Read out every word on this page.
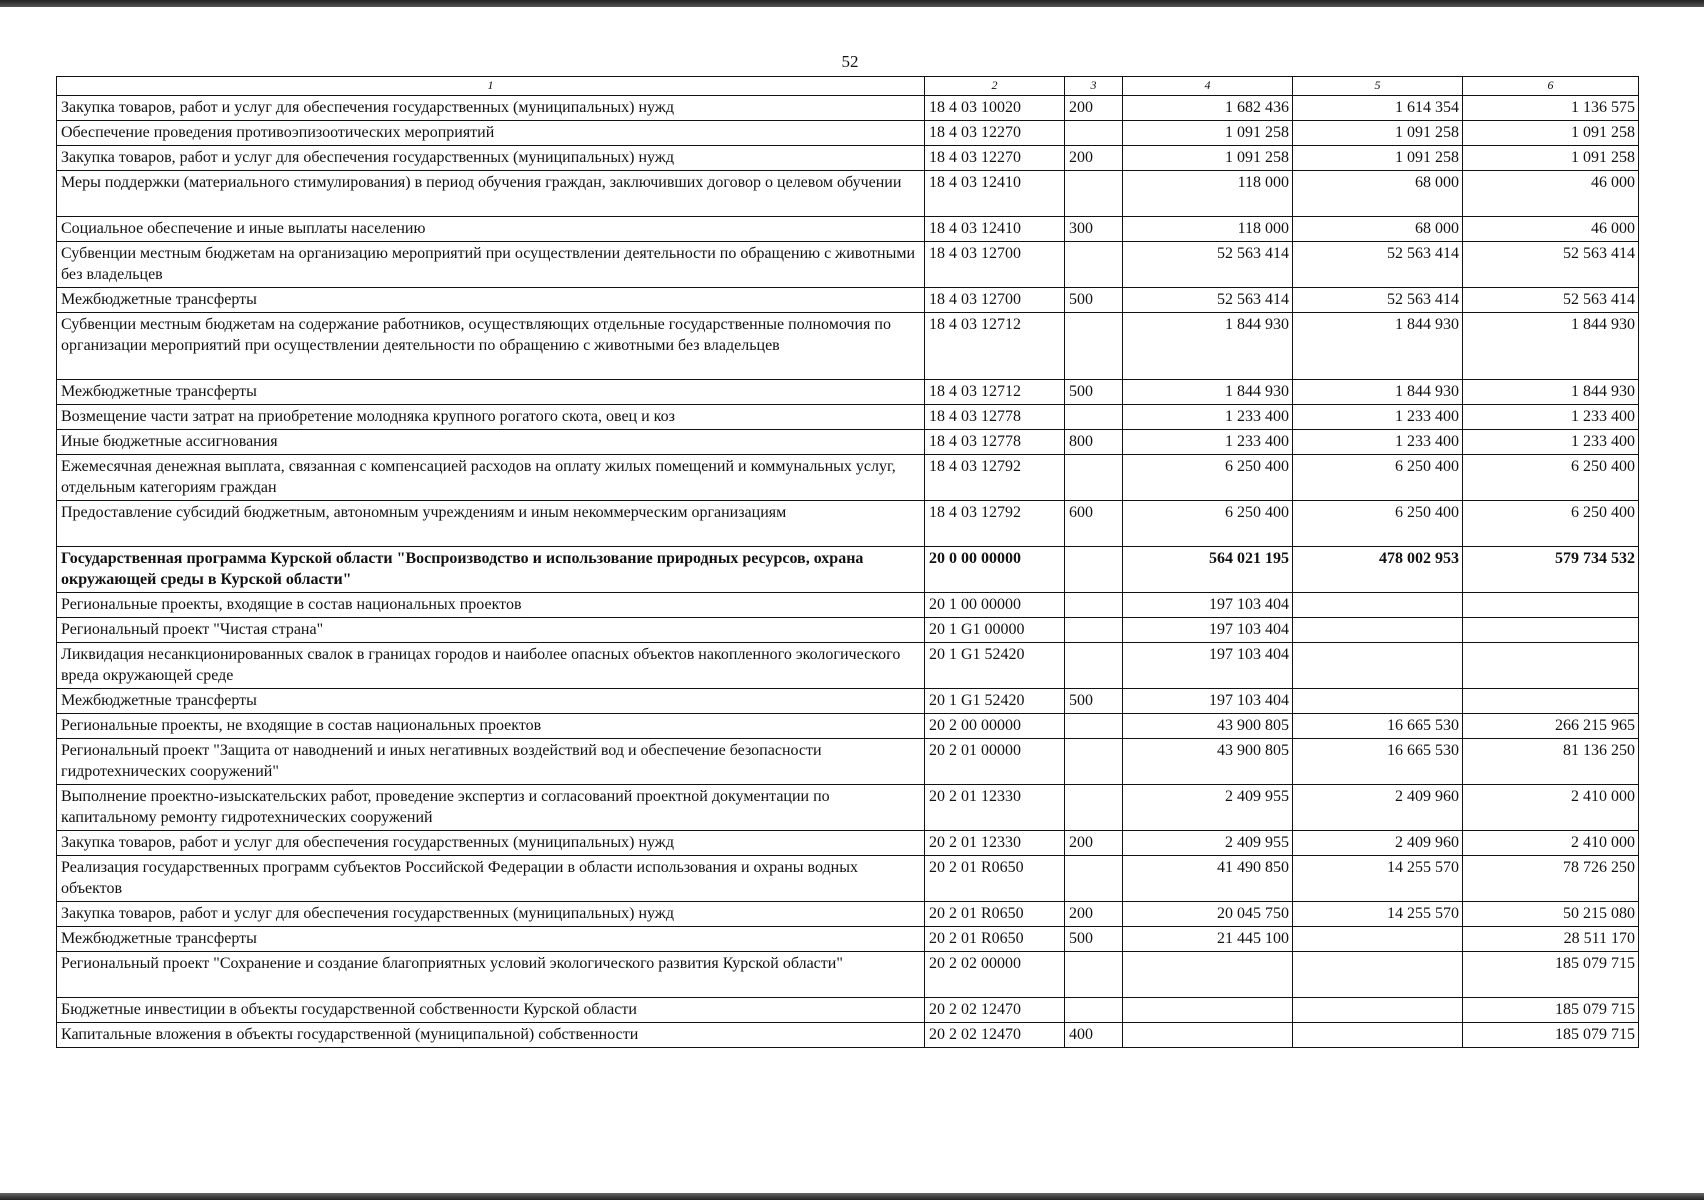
52
1	2	3	4	5	6
Закупка товаров, работ и услуг для обеспечения государственных (муниципальных) нужд	18 4 03 10020	200	1 682 436	1 614 354	1 136 575
Обеспечение проведения противоэпизоотических мероприятий	18 4 03 12270		1 091 258	1 091 258	1 091 258
Закупка товаров, работ и услуг для обеспечения государственных (муниципальных) нужд	18 4 03 12270	200	1 091 258	1 091 258	1 091 258
Меры поддержки (материального стимулирования) в период обучения граждан, заключивших договор о целевом обучении	18 4 03 12410		118 000	68 000	46 000
Социальное обеспечение и иные выплаты населению	18 4 03 12410	300	118 000	68 000	46 000
Субвенции местным бюджетам на организацию мероприятий при осуществлении деятельности по обращению с животными без владельцев	18 4 03 12700		52 563 414	52 563 414	52 563 414
Межбюджетные трансферты	18 4 03 12700	500	52 563 414	52 563 414	52 563 414
Субвенции местным бюджетам на содержание работников, осуществляющих отдельные государственные полномочия по организации мероприятий при осуществлении деятельности по обращению с животными без владельцев	18 4 03 12712		1 844 930	1 844 930	1 844 930
Межбюджетные трансферты	18 4 03 12712	500	1 844 930	1 844 930	1 844 930
Возмещение части затрат на приобретение молодняка крупного рогатого скота, овец и коз	18 4 03 12778		1 233 400	1 233 400	1 233 400
Иные бюджетные ассигнования	18 4 03 12778	800	1 233 400	1 233 400	1 233 400
Ежемесячная денежная выплата, связанная с компенсацией расходов на оплату жилых помещений и коммунальных услуг, отдельным категориям граждан	18 4 03 12792		6 250 400	6 250 400	6 250 400
Предоставление субсидий бюджетным, автономным учреждениям и иным некоммерческим организациям	18 4 03 12792	600	6 250 400	6 250 400	6 250 400
Государственная программа Курской области "Воспроизводство и использование природных ресурсов, охрана окружающей среды в Курской области"	20 0 00 00000		564 021 195	478 002 953	579 734 532
Региональные проекты, входящие в состав национальных проектов	20 1 00 00000		197 103 404		
Региональный проект "Чистая страна"	20 1 G1 00000		197 103 404		
Ликвидация несанкционированных свалок в границах городов и наиболее опасных объектов накопленного экологического вреда окружающей среде	20 1 G1 52420		197 103 404		
Межбюджетные трансферты	20 1 G1 52420	500	197 103 404		
Региональные проекты, не входящие в состав национальных проектов	20 2 00 00000		43 900 805	16 665 530	266 215 965
Региональный проект "Защита от наводнений и иных негативных воздействий вод и обеспечение безопасности гидротехнических сооружений"	20 2 01 00000		43 900 805	16 665 530	81 136 250
Выполнение проектно-изыскательских работ, проведение экспертиз и согласований проектной документации по капитальному ремонту гидротехнических сооружений	20 2 01 12330		2 409 955	2 409 960	2 410 000
Закупка товаров, работ и услуг для обеспечения государственных (муниципальных) нужд	20 2 01 12330	200	2 409 955	2 409 960	2 410 000
Реализация государственных программ субъектов Российской Федерации в области использования и охраны водных объектов	20 2 01 R0650		41 490 850	14 255 570	78 726 250
Закупка товаров, работ и услуг для обеспечения государственных (муниципальных) нужд	20 2 01 R0650	200	20 045 750	14 255 570	50 215 080
Межбюджетные трансферты	20 2 01 R0650	500	21 445 100		28 511 170
Региональный проект "Сохранение и создание благоприятных условий экологического развития Курской области"	20 2 02 00000				185 079 715
Бюджетные инвестиции в объекты государственной собственности Курской области	20 2 02 12470				185 079 715
Капитальные вложения в объекты государственной (муниципальной) собственности	20 2 02 12470	400			185 079 715
